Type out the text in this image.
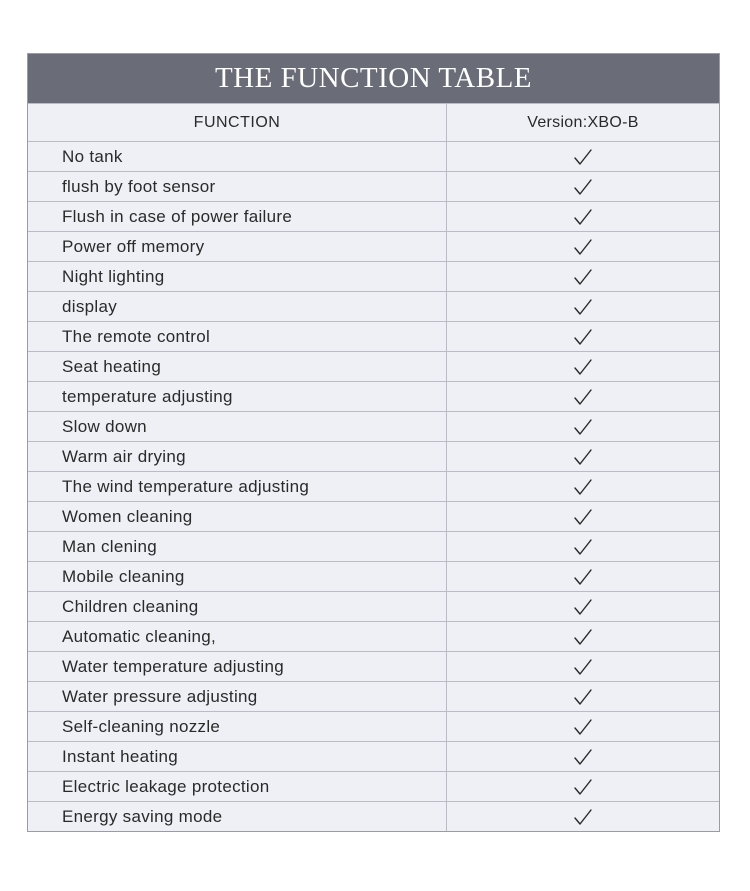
THE FUNCTION TABLE
FUNCTION	Version:XBO-B
No tank
flush by foot sensor
Flush in case of power failure
Power off memory
Night lighting
display
The remote control
Seat heating
temperature adjusting
Slow down
Warm air drying
The wind temperature adjusting
Women cleaning
Man clening
Mobile cleaning
Children cleaning
Automatic cleaning,
Water temperature adjusting
Water pressure adjusting
Self-cleaning nozzle
Instant heating
Electric leakage protection
Energy saving mode
